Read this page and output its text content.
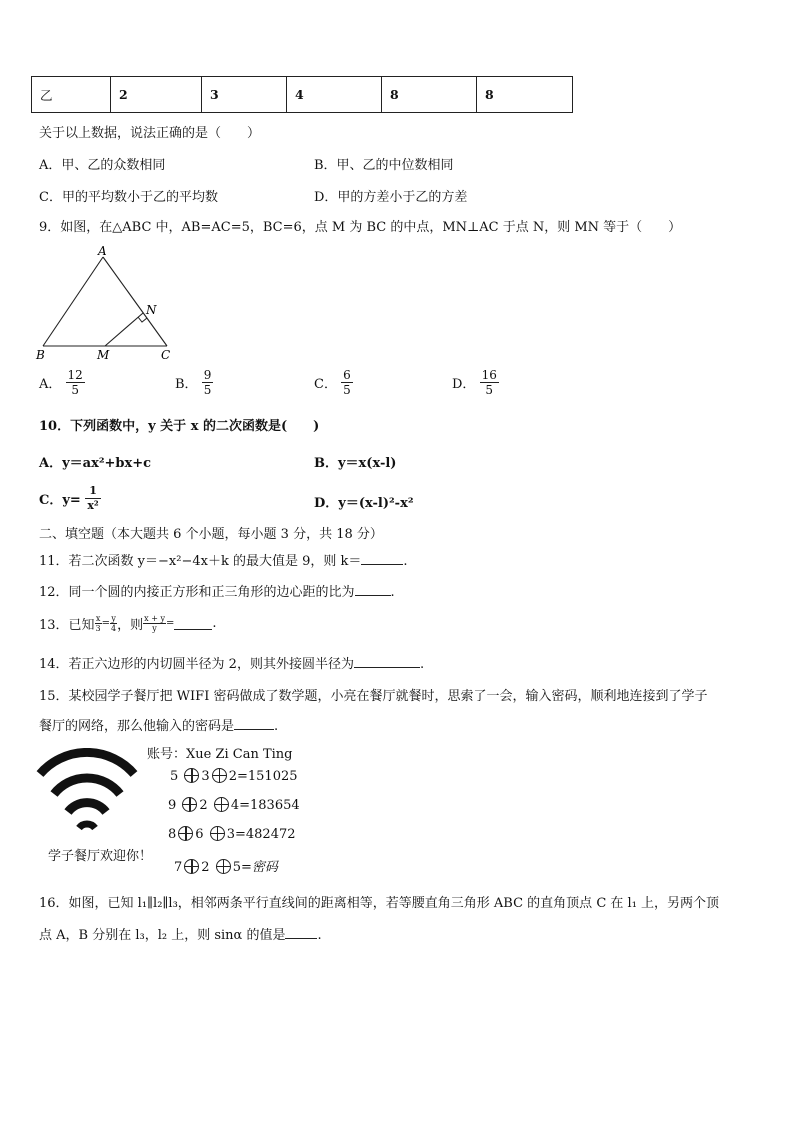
乙	2	3	4	8	8
关于以上数据，说法正确的是（　　）
A．甲、乙的众数相同	B．甲、乙的中位数相同
C．甲的平均数小于乙的平均数	D．甲的方差小于乙的方差
9．如图，在△ABC 中，AB=AC=5，BC=6，点 M 为 BC 的中点，MN⊥AC 于点 N，则 MN 等于（　　）
A
B	C
M
N
A． $\frac{12}{5}$	B． $\frac{9}{5}$	C． $\frac{6}{5}$	D． $\frac{16}{5}$
10．下列函数中，y 关于 x 的二次函数是(　　)
A．y＝ax²+bx+c	B．y＝x(x-l)
C．$y= \frac{1}{\text{x²}}$	D．y＝(x-l)²-x²
二、填空题（本大题共 6 个小题，每小题 3 分，共 18 分）
11．若二次函数 y＝−x²−4x＋k 的最大值是 9，则 k＝	.
12．同一个圆的内接正方形和正三角形的边心距的比为	.
13．已知 $\frac{x}{3} = \frac{y}{4}$ ，则 $\frac{x + y}{y}$ =	.
14．若正六边形的内切圆半径为 2，则其外接圆半径为	.
15．某校园学子餐厅把 WIFI 密码做成了数学题，小亮在餐厅就餐时，思索了一会，输入密码，顺利地连接到了学子
餐厅的网络，那么他输入的密码是	.
学子餐厅欢迎你！
账号：Xue Zi Can Ting
5 3 2=151025
9 2 4=183654
8 6 3=482472
7 2 5=密码
16．如图，已知 l₁∥l₂∥l₃，相邻两条平行直线间的距离相等，若等腰直角三角形 ABC 的直角顶点 C 在 l₁ 上，另两个顶
点 A，B 分别在 l₃，l₂ 上，则 sinα 的值是 .
